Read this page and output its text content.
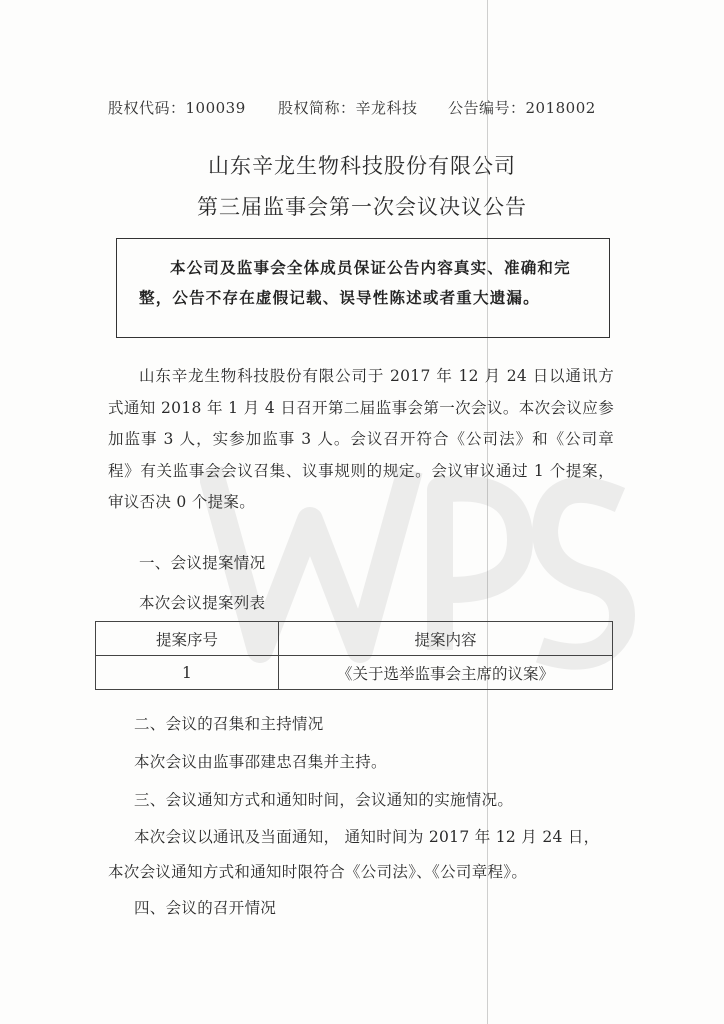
股权代码：100039 股权简称：辛龙科技 公告编号：2018002
山东辛龙生物科技股份有限公司
第三届监事会第一次会议决议公告
本公司及监事会全体成员保证公告内容真实、准确和完整，公告不存在虚假记载、误导性陈述或者重大遗漏。
山东辛龙生物科技股份有限公司于 2017 年 12 月 24 日以通讯方式通知 2018 年 1 月 4 日召开第二届监事会第一次会议。本次会议应参加监事 3 人，实参加监事 3 人。会议召开符合《公司法》和《公司章程》有关监事会会议召集、议事规则的规定。会议审议通过 1 个提案，审议否决 0 个提案。
一、会议提案情况
本次会议提案列表
提案序号	提案内容
1	《关于选举监事会主席的议案》
二、会议的召集和主持情况
本次会议由监事邵建忠召集并主持。
三、会议通知方式和通知时间，会议通知的实施情况。
本次会议以通讯及当面通知， 通知时间为 2017 年 12 月 24 日，
本次会议通知方式和通知时限符合《公司法》、《公司章程》。
四、会议的召开情况
